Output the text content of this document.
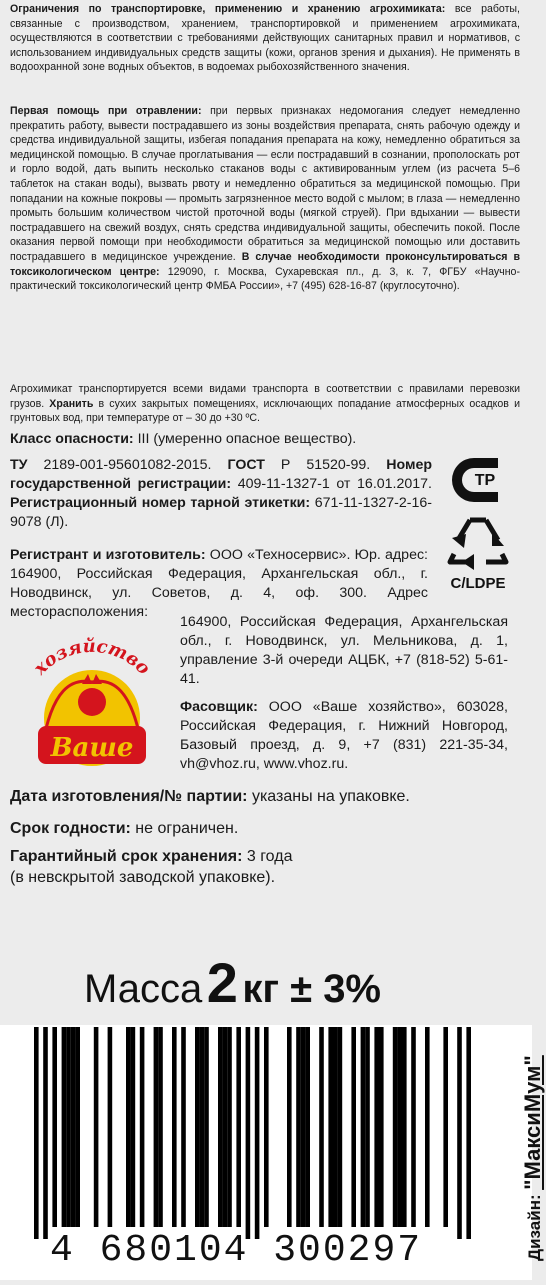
Ограничения по транспортировке, применению и хранению агрохимиката: все работы, связанные с производством, хранением, транспортировкой и применением агрохимиката, осуществляются в соответствии с требованиями действующих санитарных правил и нормативов, с использованием индивидуальных средств защиты (кожи, органов зрения и дыхания). Не применять в водоохранной зоне водных объектов, в водоемах рыбохозяйственного значения.

Первая помощь при отравлении: при первых признаках недомогания следует немедленно прекратить работу, вывести пострадавшего из зоны воздействия препарата, снять рабочую одежду и средства индивидуальной защиты, избегая попадания препарата на кожу, немедленно обратиться за медицинской помощью. В случае проглатывания — если пострадавший в сознании, прополоскать рот и горло водой, дать выпить несколько стаканов воды с активированным углем (из расчета 5–6 таблеток на стакан воды), вызвать рвоту и немедленно обратиться за медицинской помощью. При попадании на кожные покровы — промыть загрязненное место водой с мылом; в глаза — немедленно промыть большим количеством чистой проточной воды (мягкой струей). При вдыхании — вывести пострадавшего на свежий воздух, снять средства индивидуальной защиты, обеспечить покой. После оказания первой помощи при необходимости обратиться за медицинской помощью или доставить пострадавшего в медицинское учреждение. В случае необходимости проконсультироваться в токсикологическом центре: 129090, г. Москва, Сухаревская пл., д. 3, к. 7, ФГБУ «Научно-практический токсикологический центр ФМБА России», +7 (495) 628-16-87 (круглосуточно).

Агрохимикат транспортируется всеми видами транспорта в соответствии с правилами перевозки грузов. Хранить в сухих закрытых помещениях, исключающих попадание атмосферных осадков и грунтовых вод, при температуре от – 30 до +30 ºС.

Класс опасности: III (умеренно опасное вещество).

ТУ 2189-001-95601082-2015. ГОСТ Р 51520-99. Номер государственной регистрации: 409-11-1327-1 от 16.01.2017. Регистрационный номер тарной этикетки: 671-11-1327-2-16-9078 (Л).

ТР
C/LDPE

Регистрант и изготовитель: ООО «Техносервис». Юр. адрес: 164900, Российская Федерация, Архангельская обл., г. Новодвинск, ул. Советов, д. 4, оф. 300. Адрес месторасположения:

164900, Российская Федерация, Архангельская обл., г. Новодвинск, ул. Мельникова, д. 1, управление 3-й очереди АЦБК, +7 (818-52) 5-61-41.

Ваше
хозяйство

Фасовщик: ООО «Ваше хозяйство», 603028, Российская Федерация, г. Нижний Новгород, Базовый проезд, д. 9, +7 (831) 221-35-34, vh@vhoz.ru, www.vhoz.ru.

Дата изготовления/№ партии: указаны на упаковке.

Срок годности: не ограничен.

Гарантийный срок хранения: 3 года
(в невскрытой заводской упаковке).

Масса 2 кг ± 3%
4 680104 300297	Дизайн: "МаксиМум"
